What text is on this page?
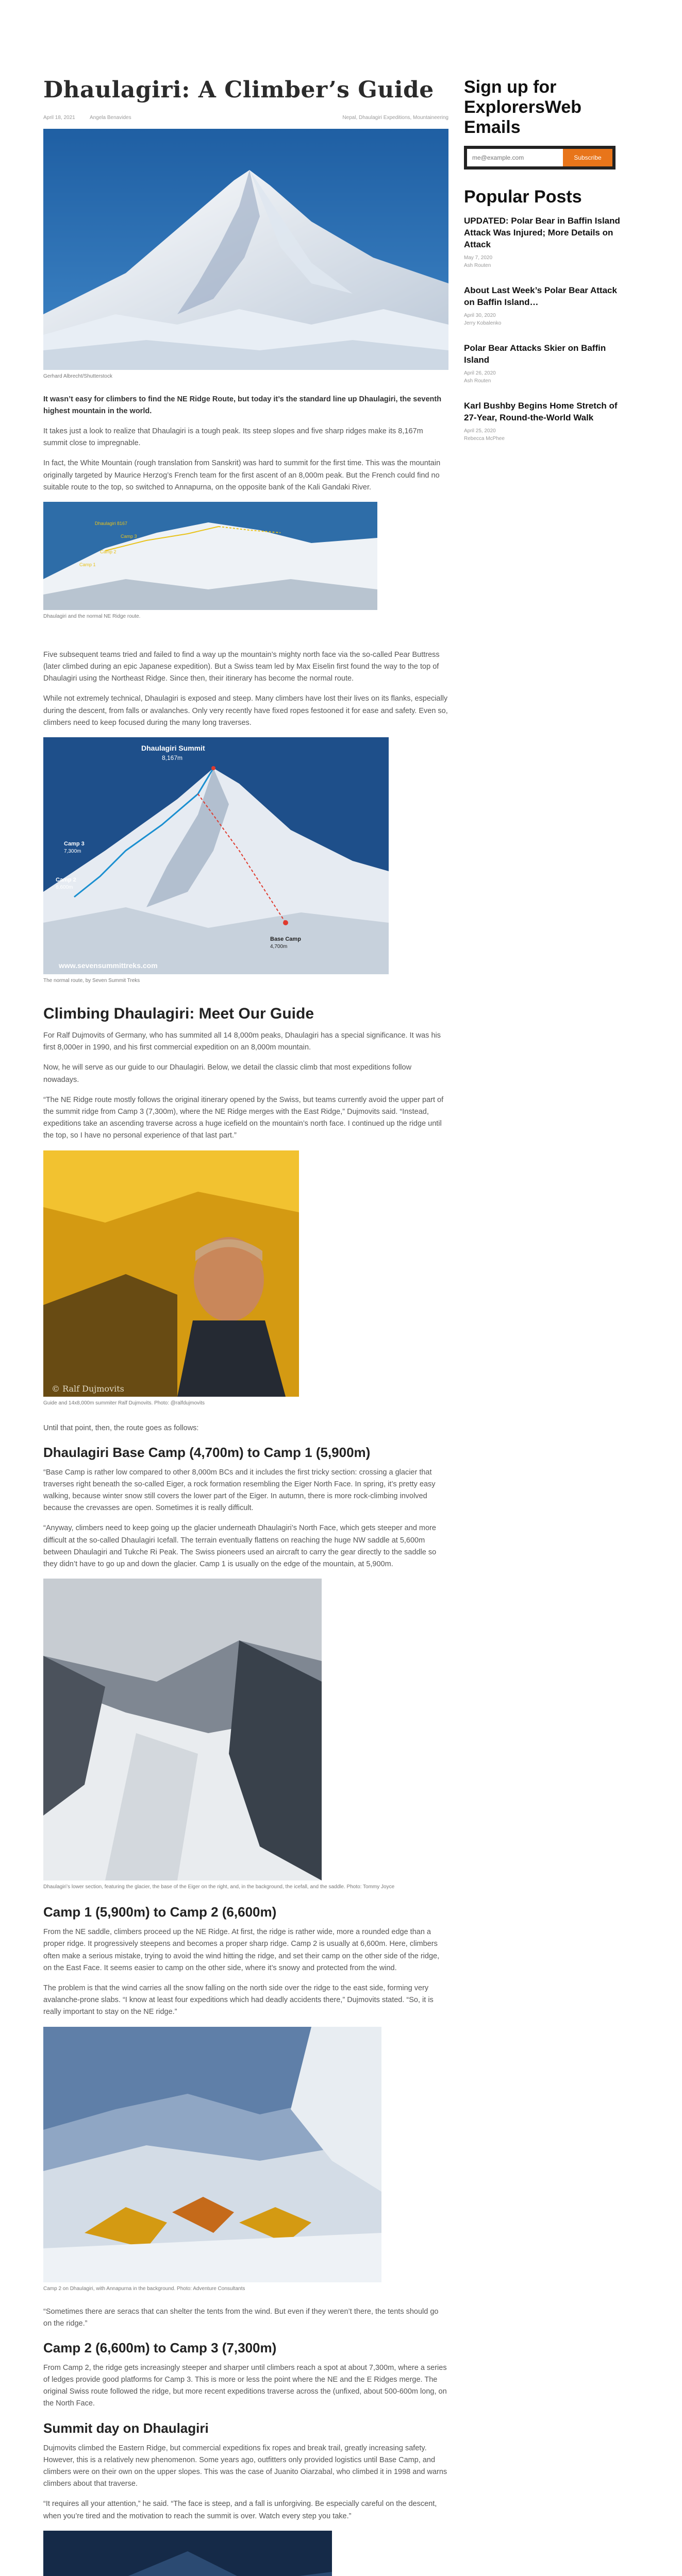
Dhaulagiri: A Climber’s Guide
April 18, 2021	Angela Benavides	Nepal, Dhaulagiri Expeditions, Mountaineering
Gerhard Albrecht/Shutterstock

It wasn’t easy for climbers to find the NE Ridge Route, but today it’s the standard line up Dhaulagiri, the seventh highest mountain in the world.

It takes just a look to realize that Dhaulagiri is a tough peak. Its steep slopes and five sharp ridges make its 8,167m summit close to impregnable.

In fact, the White Mountain (rough translation from Sanskrit) was hard to summit for the first time. This was the mountain originally targeted by Maurice Herzog’s French team for the first ascent of an 8,000m peak. But the French could find no suitable route to the top, so switched to Annapurna, on the opposite bank of the Kali Gandaki River.

Dhaulagiri 8167
Camp 3
Camp 2
Camp 1
Dhaulagiri and the normal NE Ridge route.

Five subsequent teams tried and failed to find a way up the mountain’s mighty north face via the so-called Pear Buttress (later climbed during an epic Japanese expedition). But a Swiss team led by Max Eiselin first found the way to the top of Dhaulagiri using the Northeast Ridge. Since then, their itinerary has become the normal route.

While not extremely technical, Dhaulagiri is exposed and steep. Many climbers have lost their lives on its flanks, especially during the descent, from falls or avalanches. Only very recently have fixed ropes festooned it for ease and safety. Even so, climbers need to keep focused during the many long traverses.

Dhaulagiri Summit
8,167m
Camp 3
7,300m
Camp 2
6,600m
Base Camp
4,700m
www.sevensummittreks.com
The normal route, by Seven Summit Treks
Climbing Dhaulagiri: Meet Our Guide

For Ralf Dujmovits of Germany, who has summited all 14 8,000m peaks, Dhaulagiri has a special significance. It was his first 8,000er in 1990, and his first commercial expedition on an 8,000m mountain.

Now, he will serve as our guide to our Dhaulagiri. Below, we detail the classic climb that most expeditions follow nowadays.

“The NE Ridge route mostly follows the original itinerary opened by the Swiss, but teams currently avoid the upper part of the summit ridge from Camp 3 (7,300m), where the NE Ridge merges with the East Ridge,” Dujmovits said. “Instead, expeditions take an ascending traverse across a huge icefield on the mountain’s north face. I continued up the ridge until the top, so I have no personal experience of that last part.”

© Ralf Dujmovits
Guide and 14x8,000m summiter Ralf Dujmovits. Photo: @ralfdujmovits

Until that point, then, the route goes as follows:

Dhaulagiri Base Camp (4,700m) to Camp 1 (5,900m)

“Base Camp is rather low compared to other 8,000m BCs and it includes the first tricky section: crossing a glacier that traverses right beneath the so-called Eiger, a rock formation resembling the Eiger North Face. In spring, it’s pretty easy walking, because winter snow still covers the lower part of the Eiger. In autumn, there is more rock-climbing involved because the crevasses are open. Sometimes it is really difficult.

“Anyway, climbers need to keep going up the glacier underneath Dhaulagiri’s North Face, which gets steeper and more difficult at the so-called Dhaulagiri Icefall. The terrain eventually flattens on reaching the huge NW saddle at 5,600m between Dhaulagiri and Tukche Ri Peak. The Swiss pioneers used an aircraft to carry the gear directly to the saddle so they didn’t have to go up and down the glacier. Camp 1 is usually on the edge of the mountain, at 5,900m.

Dhaulagiri’s lower section, featuring the glacier, the base of the Eiger on the right, and, in the background, the icefall, and the saddle. Photo: Tommy Joyce
Camp 1 (5,900m) to Camp 2 (6,600m)

From the NE saddle, climbers proceed up the NE Ridge. At first, the ridge is rather wide, more a rounded edge than a proper ridge. It progressively steepens and becomes a proper sharp ridge. Camp 2 is usually at 6,600m. Here, climbers often make a serious mistake, trying to avoid the wind hitting the ridge, and set their camp on the other side of the ridge, on the East Face. It seems easier to camp on the other side, where it’s snowy and protected from the wind.

The problem is that the wind carries all the snow falling on the north side over the ridge to the east side, forming very avalanche-prone slabs. “I know at least four expeditions which had deadly accidents there,” Dujmovits stated. “So, it is really important to stay on the NE ridge.”

Camp 2 on Dhaulagiri, with Annapurna in the background. Photo: Adventure Consultants

“Sometimes there are seracs that can shelter the tents from the wind. But even if they weren’t there, the tents should go on the ridge.”

Camp 2 (6,600m) to Camp 3 (7,300m)

From Camp 2, the ridge gets increasingly steeper and sharper until climbers reach a spot at about 7,300m, where a series of ledges provide good platforms for Camp 3. This is more or less the point where the NE and the E Ridges merge. The original Swiss route followed the ridge, but more recent expeditions traverse across the (unfixed, about 500-600m long, on the North Face.

Summit day on Dhaulagiri

Dujmovits climbed the Eastern Ridge, but commercial expeditions fix ropes and break trail, greatly increasing safety. However, this is a relatively new phenomenon. Some years ago, outfitters only provided logistics until Base Camp, and climbers were on their own on the upper slopes. This was the case of Juanito Oiarzabal, who climbed it in 1998 and warns climbers about that traverse.

“It requires all your attention,” he said. “The face is steep, and a fall is unforgiving. Be especially careful on the descent, when you’re tired and the motivation to reach the summit is over. Watch every step you take.”

Sign up for ExplorersWeb Emails
me@example.com
Subscribe
Popular Posts
UPDATED: Polar Bear in Baffin Island Attack Was Injured; More Details on Attack
May 7, 2020
Ash Routen
About Last Week’s Polar Bear Attack on Baffin Island…
April 30, 2020
Jerry Kobalenko
Polar Bear Attacks Skier on Baffin Island
April 26, 2020
Ash Routen
Karl Bushby Begins Home Stretch of 27-Year, Round-the-World Walk
April 25, 2020
Rebecca McPhee
